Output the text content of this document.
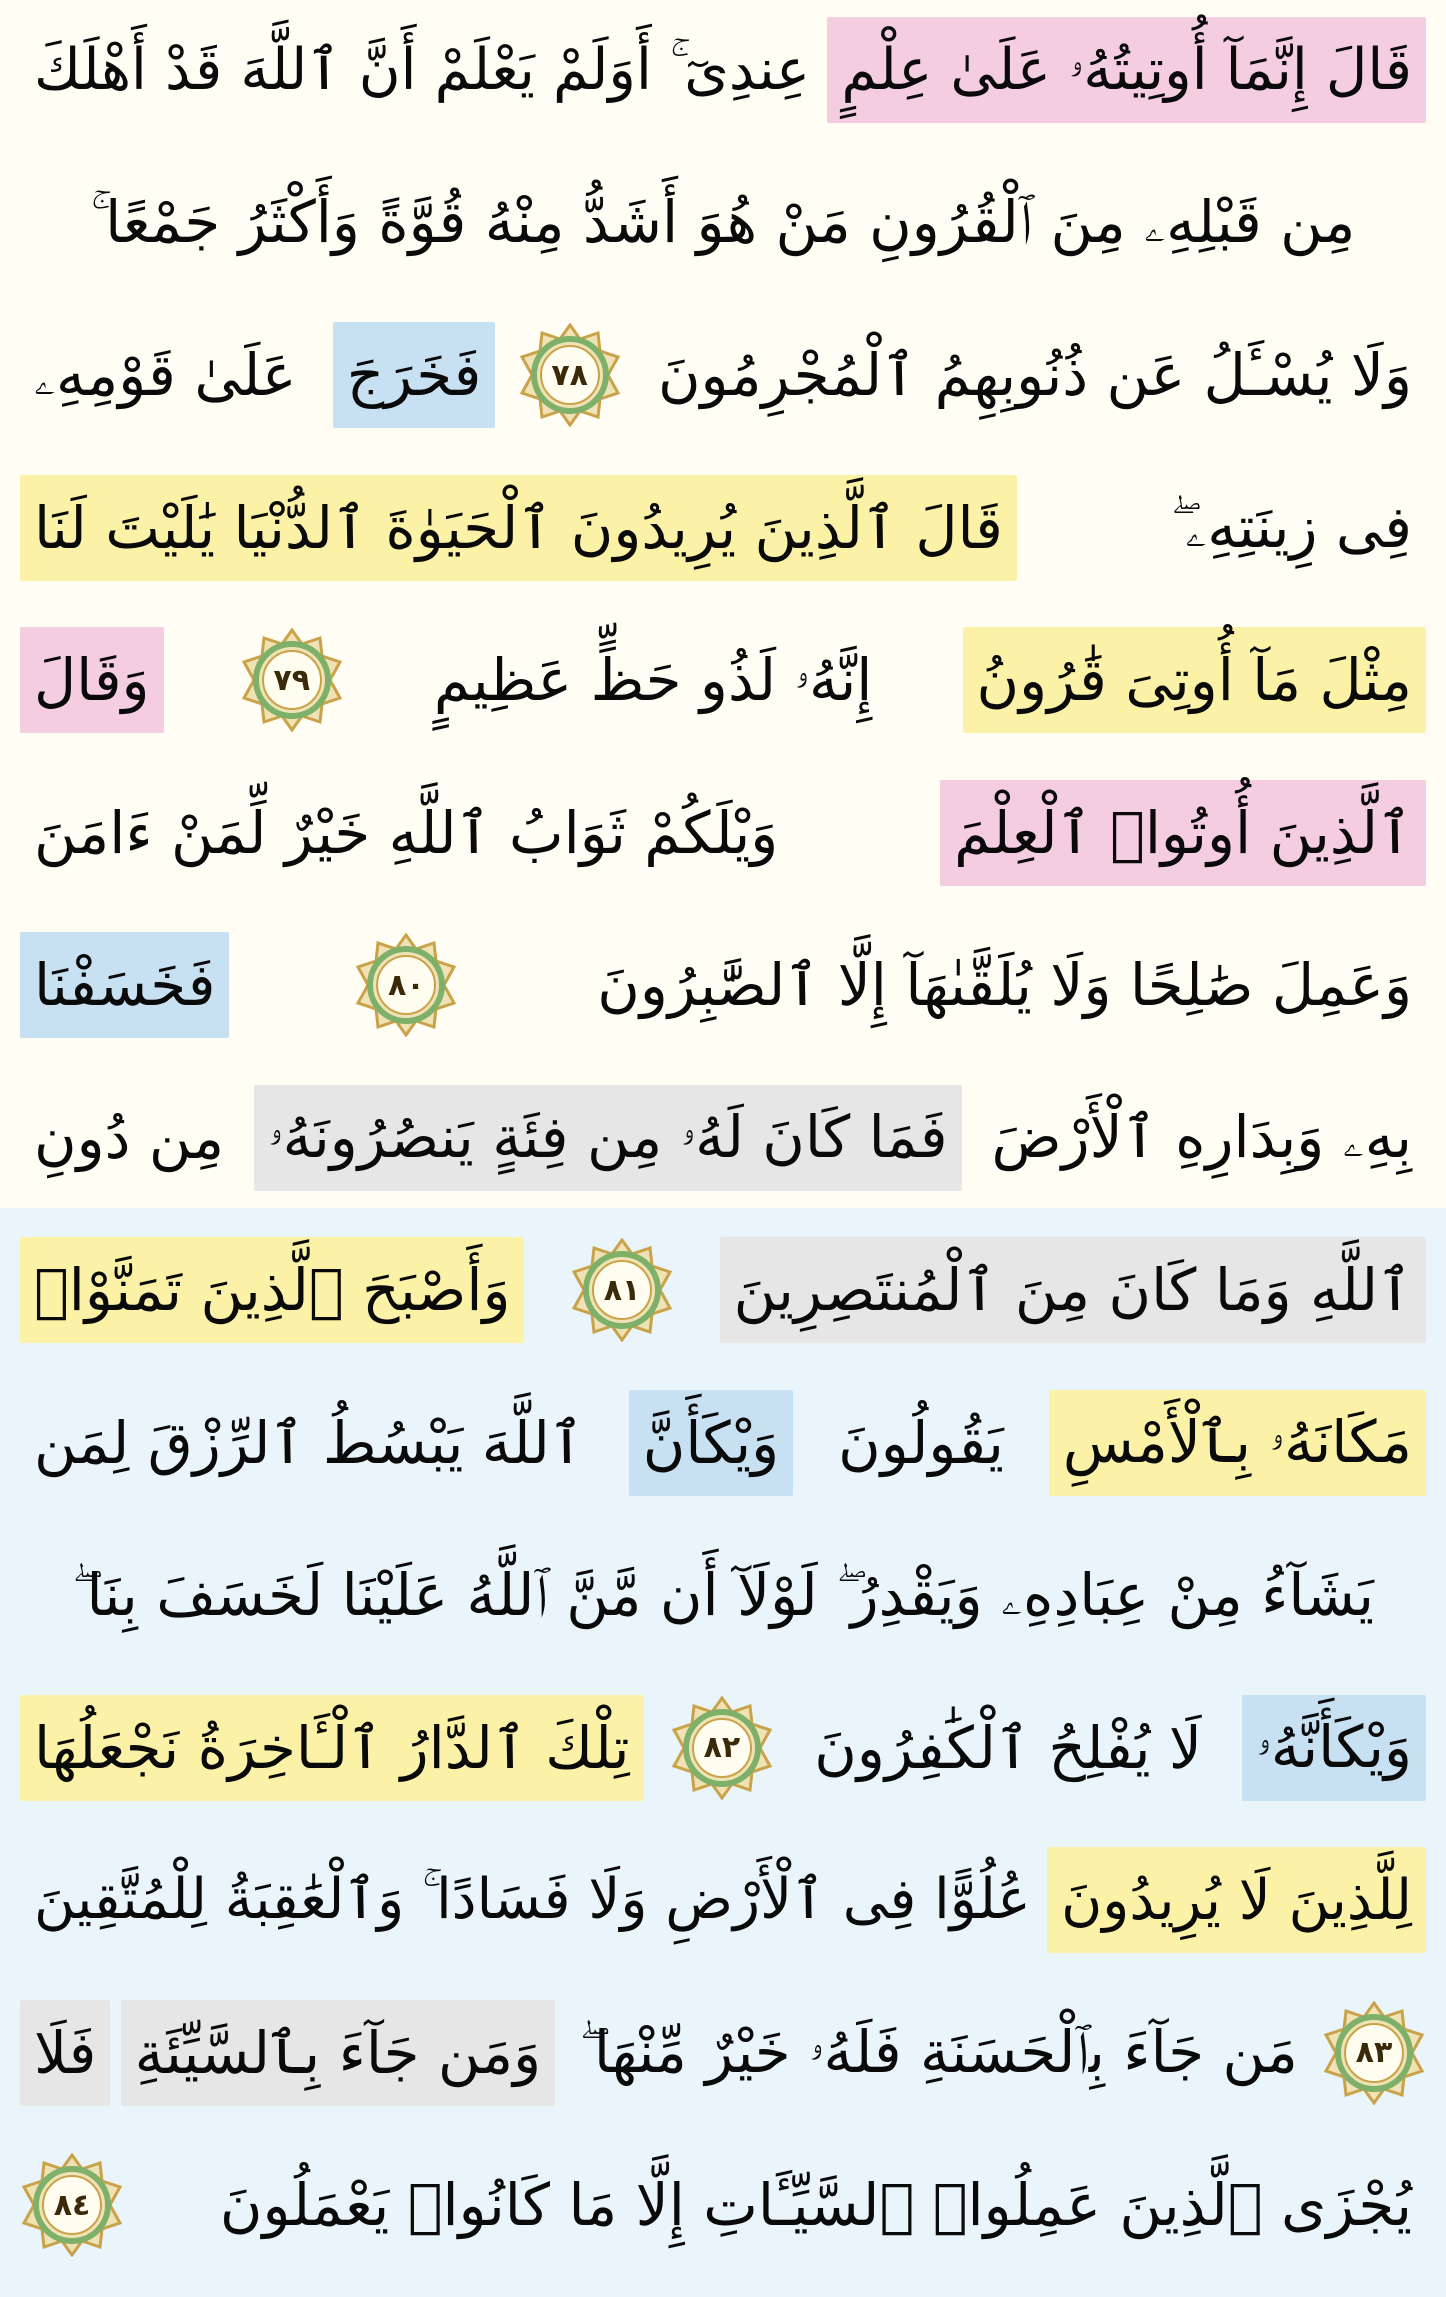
قَالَ إِنَّمَآ أُوتِيتُهُۥ عَلَىٰ عِلْمٍ
عِندِىٓ ۚ أَوَلَمْ يَعْلَمْ أَنَّ ٱللَّهَ قَدْ أَهْلَكَ
مِن قَبْلِهِۦ مِنَ ٱلْقُرُونِ مَنْ هُوَ أَشَدُّ مِنْهُ قُوَّةً وَأَكْثَرُ جَمْعًا ۚ
وَلَا يُسْـَٔلُ عَن ذُنُوبِهِمُ ٱلْمُجْرِمُونَ
٧٨
فَخَرَجَ
عَلَىٰ قَوْمِهِۦ
فِى زِينَتِهِۦ ۖ
قَالَ ٱلَّذِينَ يُرِيدُونَ ٱلْحَيَوٰةَ ٱلدُّنْيَا يَٰلَيْتَ لَنَا
مِثْلَ مَآ أُوتِىَ قَٰرُونُ
إِنَّهُۥ لَذُو حَظٍّ عَظِيمٍ
٧٩
وَقَالَ
ٱلَّذِينَ أُوتُوا۟ ٱلْعِلْمَ
وَيْلَكُمْ ثَوَابُ ٱللَّهِ خَيْرٌ لِّمَنْ ءَامَنَ
وَعَمِلَ صَٰلِحًا وَلَا يُلَقَّىٰهَآ إِلَّا ٱلصَّٰبِرُونَ
٨٠
فَخَسَفْنَا
بِهِۦ وَبِدَارِهِ ٱلْأَرْضَ
فَمَا كَانَ لَهُۥ مِن فِئَةٍ يَنصُرُونَهُۥ
مِن دُونِ
ٱللَّهِ وَمَا كَانَ مِنَ ٱلْمُنتَصِرِينَ
٨١
وَأَصْبَحَ ٱلَّذِينَ تَمَنَّوْا۟
مَكَانَهُۥ بِٱلْأَمْسِ
يَقُولُونَ
وَيْكَأَنَّ
ٱللَّهَ يَبْسُطُ ٱلرِّزْقَ لِمَن
يَشَآءُ مِنْ عِبَادِهِۦ وَيَقْدِرُ ۖ لَوْلَآ أَن مَّنَّ ٱللَّهُ عَلَيْنَا لَخَسَفَ بِنَا ۖ
وَيْكَأَنَّهُۥ
لَا يُفْلِحُ ٱلْكَٰفِرُونَ
٨٢
تِلْكَ ٱلدَّارُ ٱلْـَٔاخِرَةُ نَجْعَلُهَا
لِلَّذِينَ لَا يُرِيدُونَ
عُلُوًّا فِى ٱلْأَرْضِ وَلَا فَسَادًا ۚ وَٱلْعَٰقِبَةُ لِلْمُتَّقِينَ
٨٣
مَن جَآءَ بِٱلْحَسَنَةِ فَلَهُۥ خَيْرٌ مِّنْهَا ۖ
وَمَن جَآءَ بِٱلسَّيِّئَةِ
فَلَا
يُجْزَى ٱلَّذِينَ عَمِلُوا۟ ٱلسَّيِّـَٔاتِ إِلَّا مَا كَانُوا۟ يَعْمَلُونَ
٨٤
